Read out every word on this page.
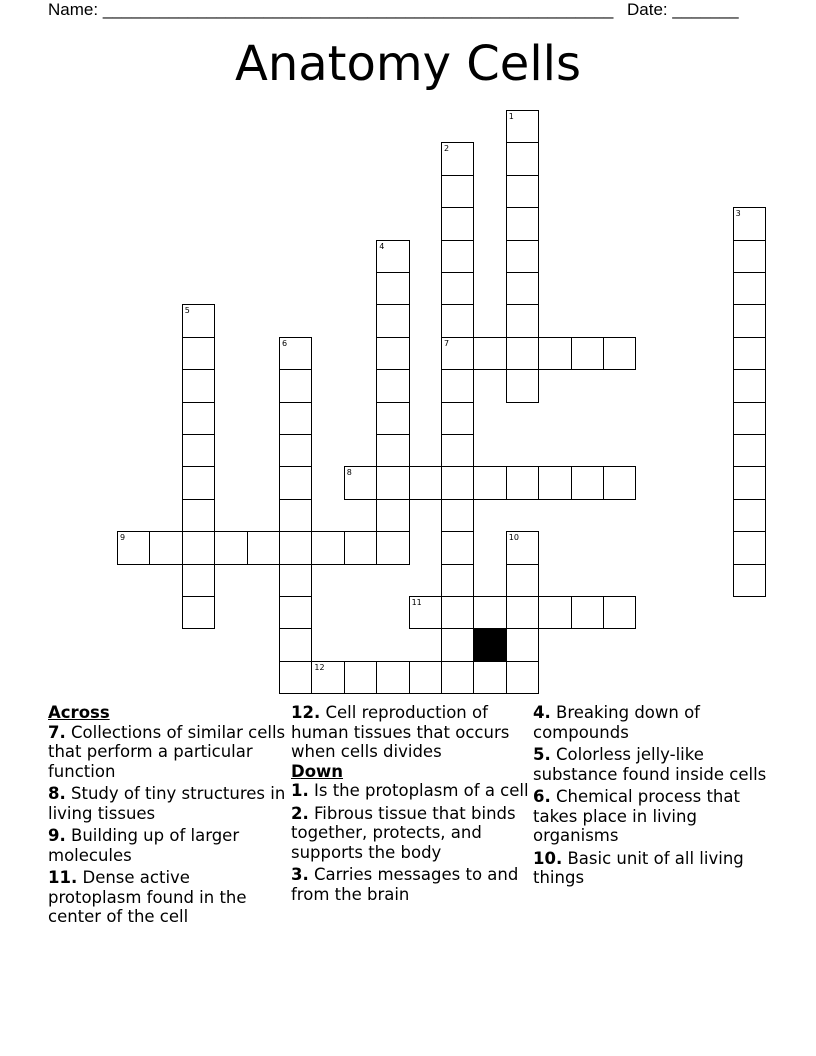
Name: ______________________________________________________ Date: _______
Anatomy Cells
1
2
7
3
4
5
6
8
9	10
11
12

Across

7. Collections of similar cells that perform a particular function

8. Study of tiny structures in living tissues

9. Building up of larger molecules

11. Dense active protoplasm found in the center of the cell

12. Cell reproduction of human tissues that occurs when cells divides

Down

1. Is the protoplasm of a cell

2. Fibrous tissue that binds together, protects, and supports the body

3. Carries messages to and from the brain

4. Breaking down of compounds

5. Colorless jelly-like substance found inside cells

6. Chemical process that takes place in living organisms

10. Basic unit of all living things
